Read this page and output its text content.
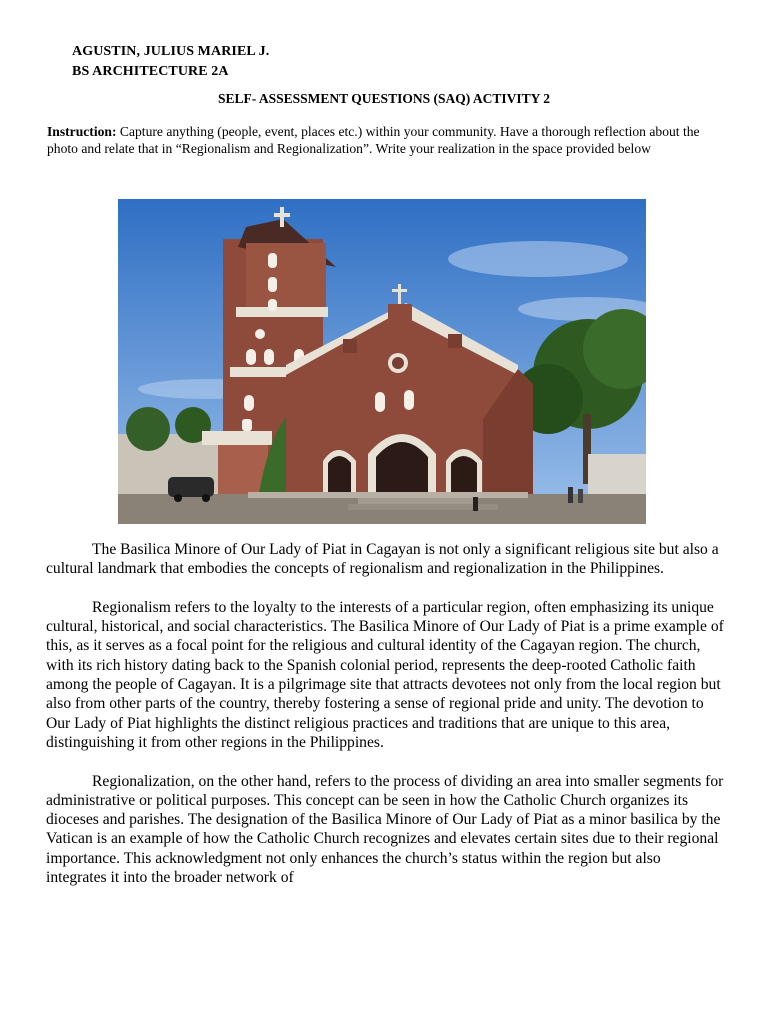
AGUSTIN, JULIUS MARIEL J.
BS ARCHITECTURE 2A
SELF- ASSESSMENT QUESTIONS (SAQ) ACTIVITY 2
Instruction: Capture anything (people, event, places etc.) within your community. Have a thorough reflection about the photo and relate that in “Regionalism and Regionalization”. Write your realization in the space provided below

The Basilica Minore of Our Lady of Piat in Cagayan is not only a significant religious site but also a cultural landmark that embodies the concepts of regionalism and regionalization in the Philippines.

Regionalism refers to the loyalty to the interests of a particular region, often emphasizing its unique cultural, historical, and social characteristics. The Basilica Minore of Our Lady of Piat is a prime example of this, as it serves as a focal point for the religious and cultural identity of the Cagayan region. The church, with its rich history dating back to the Spanish colonial period, represents the deep-rooted Catholic faith among the people of Cagayan. It is a pilgrimage site that attracts devotees not only from the local region but also from other parts of the country, thereby fostering a sense of regional pride and unity. The devotion to Our Lady of Piat highlights the distinct religious practices and traditions that are unique to this area, distinguishing it from other regions in the Philippines.

Regionalization, on the other hand, refers to the process of dividing an area into smaller segments for administrative or political purposes. This concept can be seen in how the Catholic Church organizes its dioceses and parishes. The designation of the Basilica Minore of Our Lady of Piat as a minor basilica by the Vatican is an example of how the Catholic Church recognizes and elevates certain sites due to their regional importance. This acknowledgment not only enhances the church’s status within the region but also integrates it into the broader network of
